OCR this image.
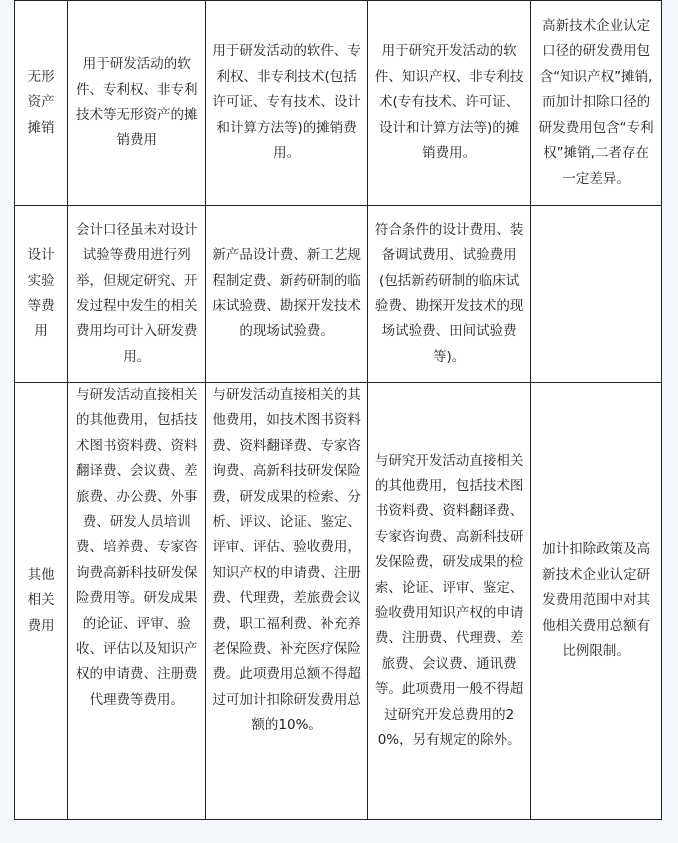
无形资产摊销	用于研发活动的软件、专利权、非专利技术等无形资产的摊销费用	用于研发活动的软件、专利权、非专利技术(包括许可证、专有技术、设计和计算方法等)的摊销费用。	用于研究开发活动的软件、知识产权、非专利技术(专有技术、许可证、设计和计算方法等)的摊销费用。	高新技术企业认定口径的研发费用包含“知识产权”摊销,而加计扣除口径的研发费用包含“专利权”摊销,二者存在一定差异。
设计实验等费用	会计口径虽未对设计试验等费用进行列举，但规定研究、开发过程中发生的相关费用均可计入研发费用。	新产品设计费、新工艺规程制定费、新药研制的临床试验费、勘探开发技术的现场试验费。	符合条件的设计费用、装备调试费用、试验费用(包括新药研制的临床试验费、勘探开发技术的现场试验费、田间试验费等)。	
其他相关费用	与研发活动直接相关的其他费用，包括技术图书资料费、资料翻译费、会议费、差旅费、办公费、外事费、研发人员培训费、培养费、专家咨询费高新科技研发保险费用等。研发成果的论证、评审、验收、评估以及知识产权的申请费、注册费代理费等费用。	与研发活动直接相关的其他费用，如技术图书资料费、资料翻译费、专家咨询费、高新科技研发保险费，研发成果的检索、分析、评议、论证、鉴定、评审、评估、验收费用，知识产权的申请费、注册费、代理费，差旅费会议费，职工福利费、补充养老保险费、补充医疗保险费。此项费用总额不得超过可加计扣除研发费用总额的10%。	与研究开发活动直接相关的其他费用，包括技术图书资料费、资料翻译费、专家咨询费、高新科技研发保险费，研发成果的检索、论证、评审、鉴定、验收费用知识产权的申请费、注册费、代理费、差旅费、会议费、通讯费等。此项费用一般不得超过研究开发总费用的20%，另有规定的除外。	加计扣除政策及高新技术企业认定研发费用范围中对其他相关费用总额有比例限制。
